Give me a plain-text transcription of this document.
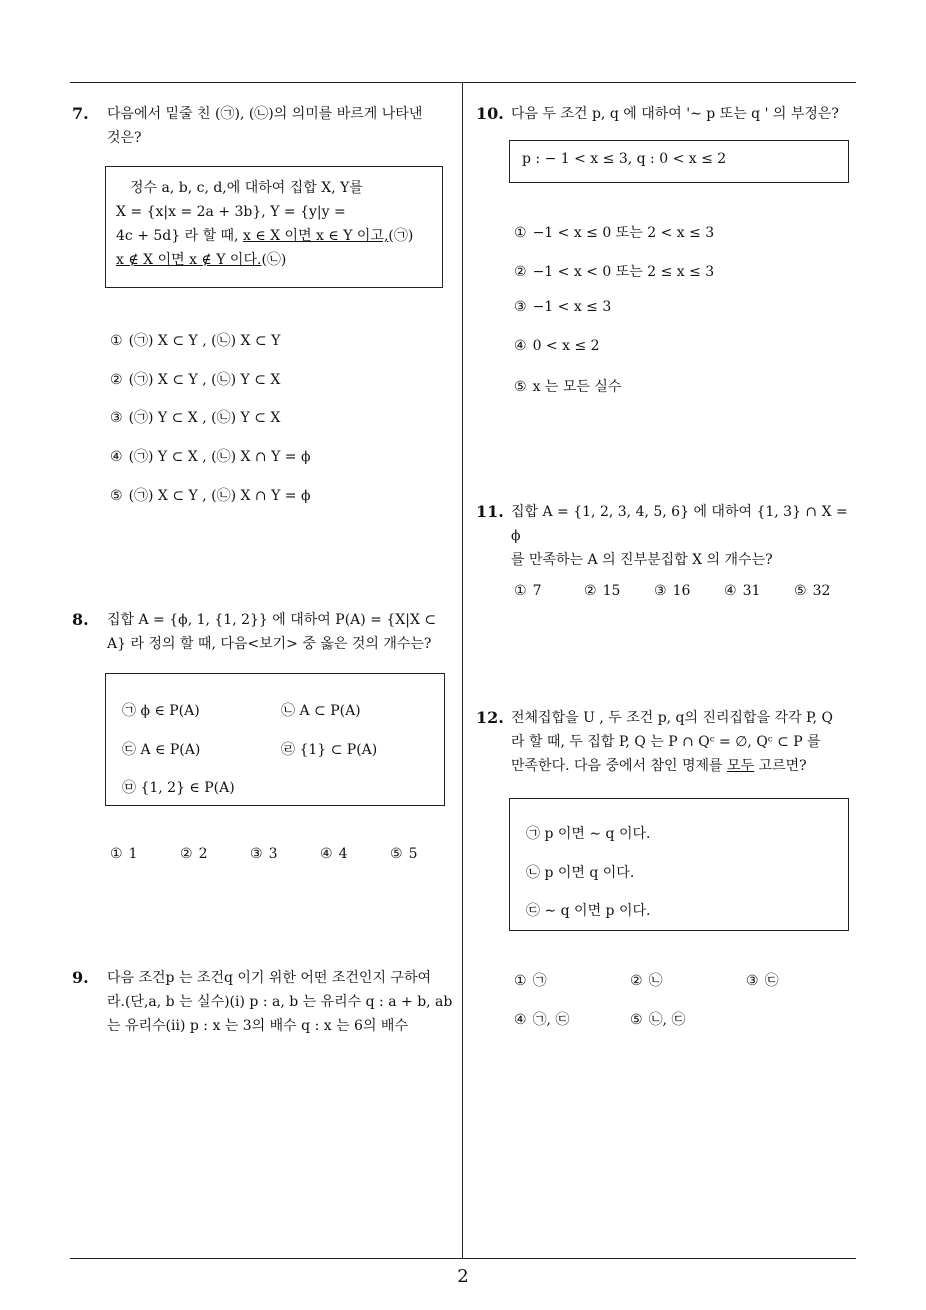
7. 다음에서 밑줄 친 (㉠), (㉡)의 의미를 바르게 나타낸
것은?
정수 a, b, c, d,에 대하여 집합 X, Y를
X = {x|x = 2a + 3b}, Y = {y|y =
4c + 5d} 라 할 때, x ∈ X 이면 x ∈ Y 이고,(㉠)
x ∉ X 이면 x ∉ Y 이다.(㉡)
① (㉠) X ⊂ Y , (㉡) X ⊂ Y
② (㉠) X ⊂ Y , (㉡) Y ⊂ X
③ (㉠) Y ⊂ X , (㉡) Y ⊂ X
④ (㉠) Y ⊂ X , (㉡) X ∩ Y = ϕ
⑤ (㉠) X ⊂ Y , (㉡) X ∩ Y = ϕ
8. 집합 A = {ϕ, 1, {1, 2}} 에 대하여 P(A) = {X|X ⊂
A} 라 정의 할 때, 다음<보기> 중 옳은 것의 개수는?
㉠ ϕ ∈ P(A)	㉡ A ⊂ P(A)
㉢ A ∈ P(A)	㉣ {1} ⊂ P(A)
㉤ {1, 2} ∈ P(A)
① 1	② 2	③ 3	④ 4	⑤ 5
9. 다음 조건p 는 조건q 이기 위한 어떤 조건인지 구하여
라.(단,a, b 는 실수)(i) p : a, b 는 유리수 q : a + b, ab
는 유리수(ii) p : x 는 3의 배수 q : x 는 6의 배수
10. 다음 두 조건 p, q 에 대하여 '∼ p 또는 q ' 의 부정은?
p : − 1 < x ≤ 3, q : 0 < x ≤ 2
① −1 < x ≤ 0 또는 2 < x ≤ 3
② −1 < x < 0 또는 2 ≤ x ≤ 3
③ −1 < x ≤ 3
④ 0 < x ≤ 2
⑤ x 는 모든 실수
11. 집합 A = {1, 2, 3, 4, 5, 6} 에 대하여 {1, 3} ∩ X = ϕ
를 만족하는 A 의 진부분집합 X 의 개수는?
① 7	② 15 ③ 16 ④ 31 ⑤ 32
12. 전체집합을 U , 두 조건 p, q의 진리집합을 각각 P, Q
라 할 때, 두 집합 P, Q 는 P ∩ Qᶜ = ∅, Qᶜ ⊂ P 를
만족한다. 다음 중에서 참인 명제를 모두 고르면?
㉠ p 이면 ∼ q 이다.
㉡ p 이면 q 이다.
㉢ ∼ q 이면 p 이다.
① ㉠	② ㉡	③ ㉢
④ ㉠, ㉢	⑤ ㉡, ㉢
2
